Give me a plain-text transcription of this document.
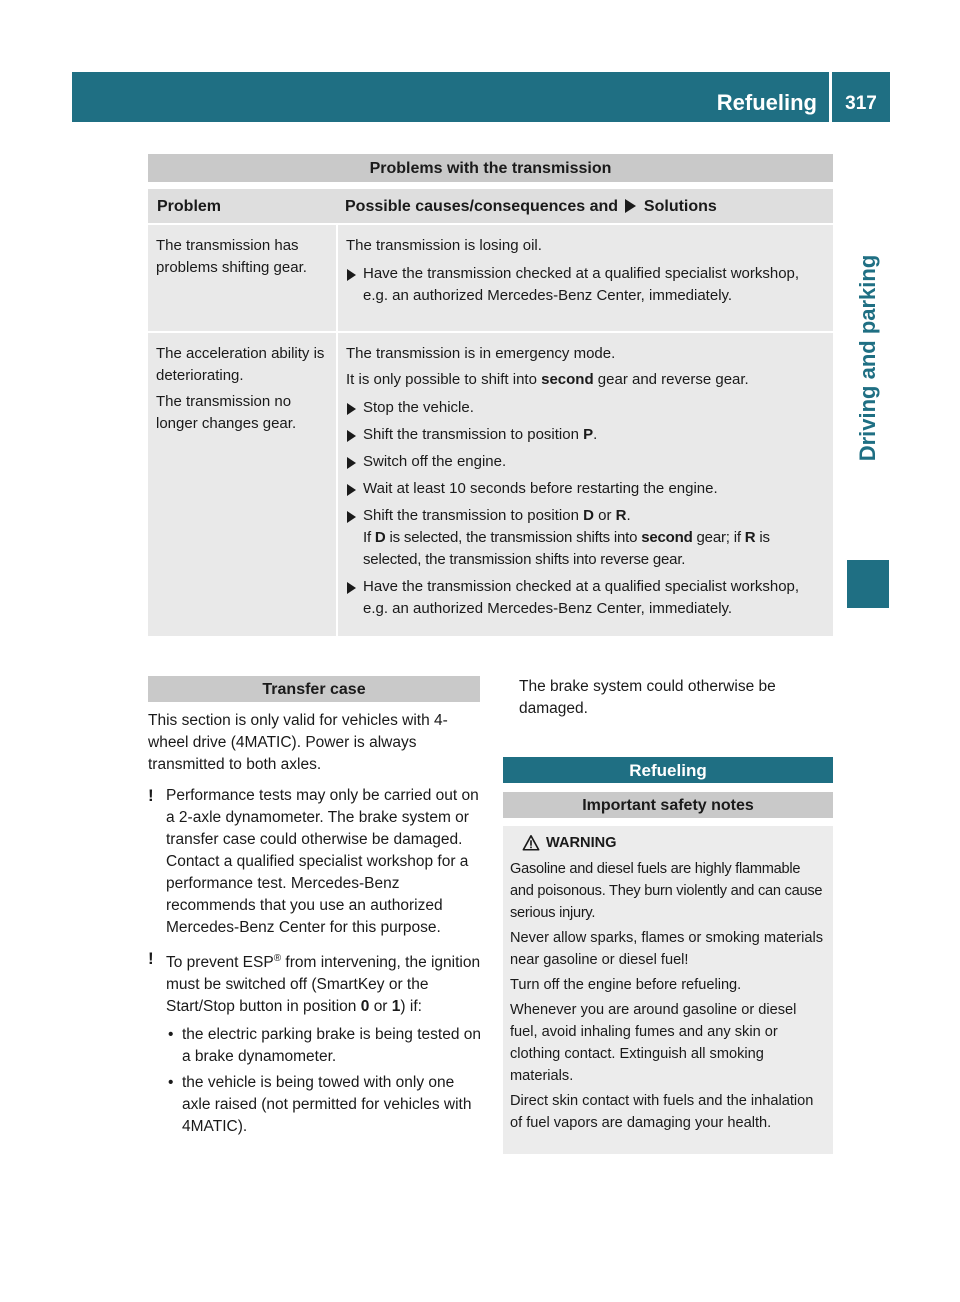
Refueling	317
Driving and parking
Problems with the transmission
Problem	Possible causes/consequences and Solutions

The transmission has problems shifting gear.

The transmission is losing oil.

Have the transmission checked at a qualified specialist workshop, e.g. an authorized Mercedes-Benz Center, immediately.

The acceleration ability is deteriorating.

The transmission no longer changes gear.

The transmission is in emergency mode.

It is only possible to shift into second gear and reverse gear.

Stop the vehicle.
Shift the transmission to position P.
Switch off the engine.
Wait at least 10 seconds before restarting the engine.
Shift the transmission to position D or R.
If D is selected, the transmission shifts into second gear; if R is selected, the transmission shifts into reverse gear.
Have the transmission checked at a qualified specialist workshop, e.g. an authorized Mercedes-Benz Center, immediately.
Transfer case

This section is only valid for vehicles with 4-wheel drive (4MATIC). Power is always transmitted to both axles.

! Performance tests may only be carried out on a 2-axle dynamometer. The brake system or transfer case could otherwise be damaged. Contact a qualified specialist workshop for a performance test. Mercedes-Benz recommends that you use an authorized Mercedes-Benz Center for this purpose.
! To prevent ESP® from intervening, the ignition must be switched off (SmartKey or the Start/Stop button in position 0 or 1) if:
• the electric parking brake is being tested on a brake dynamometer.
• the vehicle is being towed with only one axle raised (not permitted for vehicles with 4MATIC).
The brake system could otherwise be damaged.
Refueling
Important safety notes
WARNING

Gasoline and diesel fuels are highly flammable and poisonous. They burn violently and can cause serious injury.

Never allow sparks, flames or smoking materials near gasoline or diesel fuel!

Turn off the engine before refueling.

Whenever you are around gasoline or diesel fuel, avoid inhaling fumes and any skin or clothing contact. Extinguish all smoking materials.

Direct skin contact with fuels and the inhalation of fuel vapors are damaging your health.
